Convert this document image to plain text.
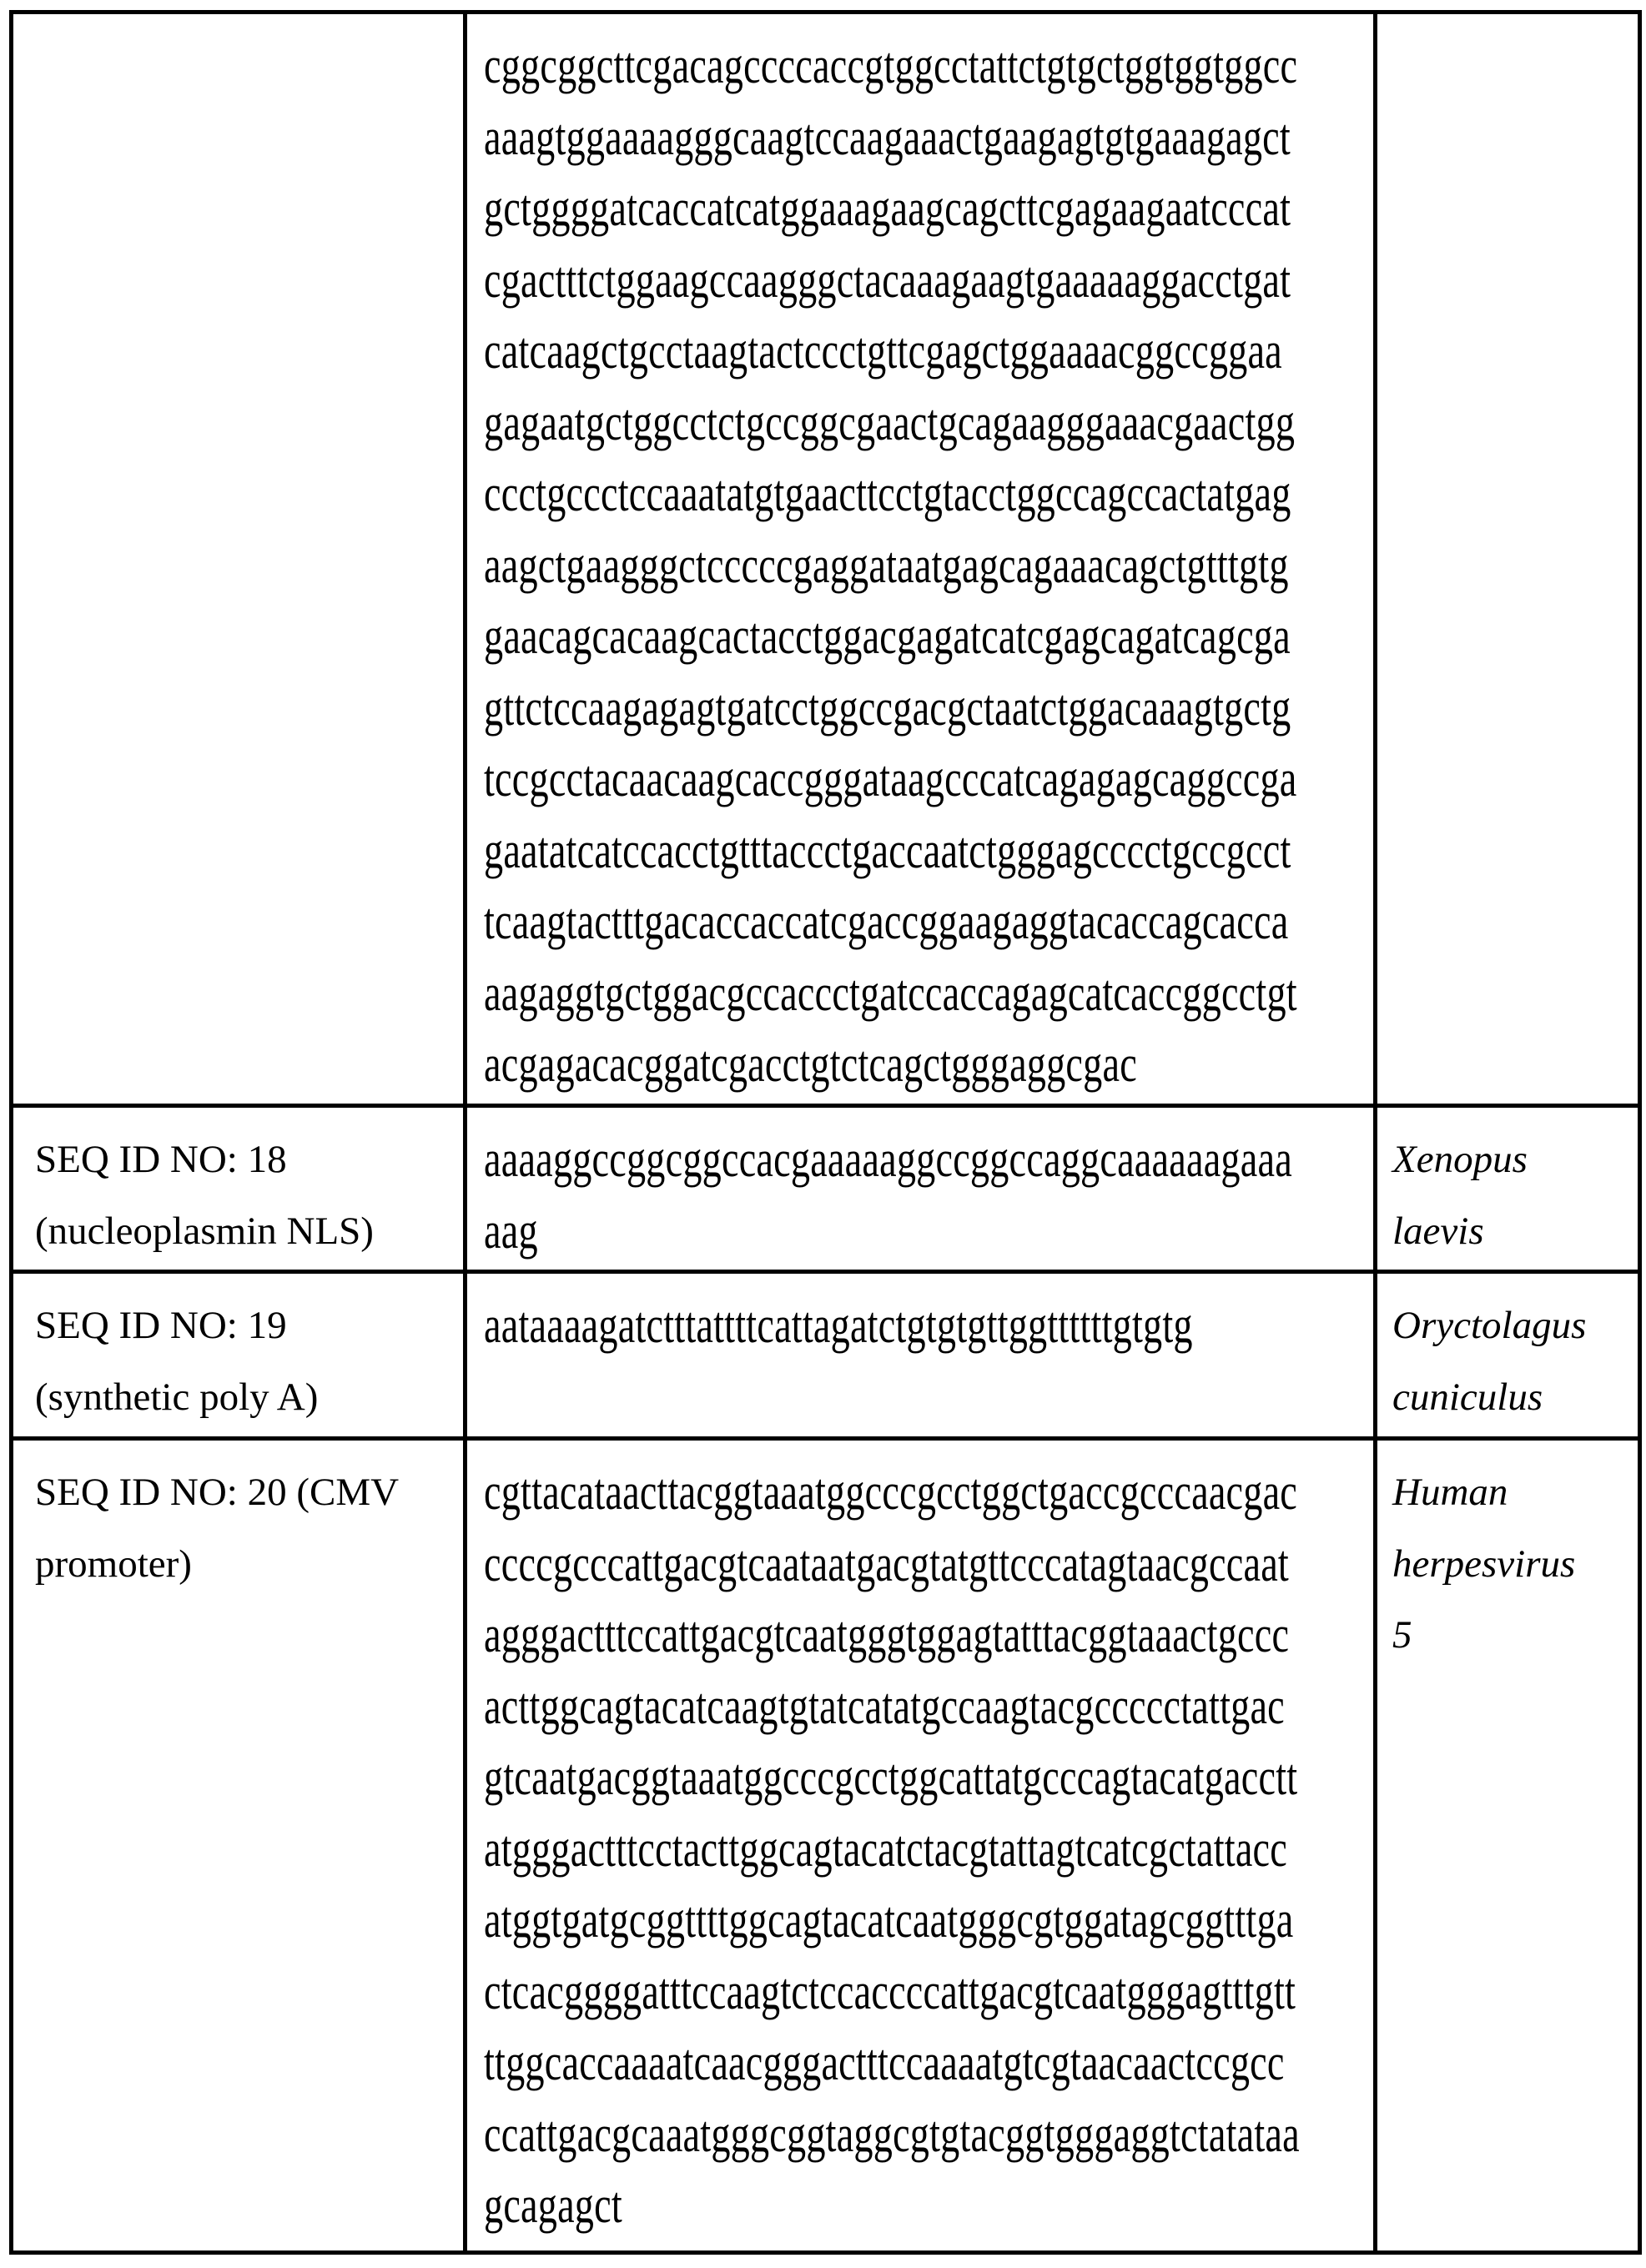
cggcggcttcgacagccccaccgtggcctattctgtgctggtggtggcc
aaagtggaaaagggcaagtccaagaaactgaagagtgtgaaagagct
gctggggatcaccatcatggaaagaagcagcttcgagaagaatcccat
cgactttctggaagccaagggctacaaagaagtgaaaaaggacctgat
catcaagctgcctaagtactccctgttcgagctggaaaacggccggaa
gagaatgctggcctctgccggcgaactgcagaagggaaacgaactgg
ccctgccctccaaatatgtgaacttcctgtacctggccagccactatgag
aagctgaagggctcccccgaggataatgagcagaaacagctgtttgtg
gaacagcacaagcactacctggacgagatcatcgagcagatcagcga
gttctccaagagagtgatcctggccgacgctaatctggacaaagtgctg
tccgcctacaacaagcaccgggataagcccatcagagagcaggccga
gaatatcatccacctgtttaccctgaccaatctgggagcccctgccgcct
tcaagtactttgacaccaccatcgaccggaagaggtacaccagcacca
aagaggtgctggacgccaccctgatccaccagagcatcaccggcctgt
acgagacacggatcgacctgtctcagctgggaggcgac

SEQ ID NO: 18
(nucleoplasmin NLS)

aaaaggccggcggccacgaaaaaggccggccaggcaaaaaagaaa
aag

Xenopus
laevis

SEQ ID NO: 19
(synthetic poly A)

aataaaagatctttattttcattagatctgtgtgttggttttttgtgtg	Oryctolagus
cuniculus

SEQ ID NO: 20 (CMV
promoter)

cgttacataacttacggtaaatggcccgcctggctgaccgcccaacgac
ccccgcccattgacgtcaataatgacgtatgttcccatagtaacgccaat
agggactttccattgacgtcaatgggtggagtatttacggtaaactgccc
acttggcagtacatcaagtgtatcatatgccaagtacgccccctattgac
gtcaatgacggtaaatggcccgcctggcattatgcccagtacatgacctt
atgggactttcctacttggcagtacatctacgtattagtcatcgctattacc
atggtgatgcggttttggcagtacatcaatgggcgtggatagcggtttga
ctcacggggatttccaagtctccaccccattgacgtcaatgggagtttgtt
ttggcaccaaaatcaacgggactttccaaaatgtcgtaacaactccgcc
ccattgacgcaaatgggcggtaggcgtgtacggtgggaggtctatataa
gcagagct

Human
herpesvirus
5
